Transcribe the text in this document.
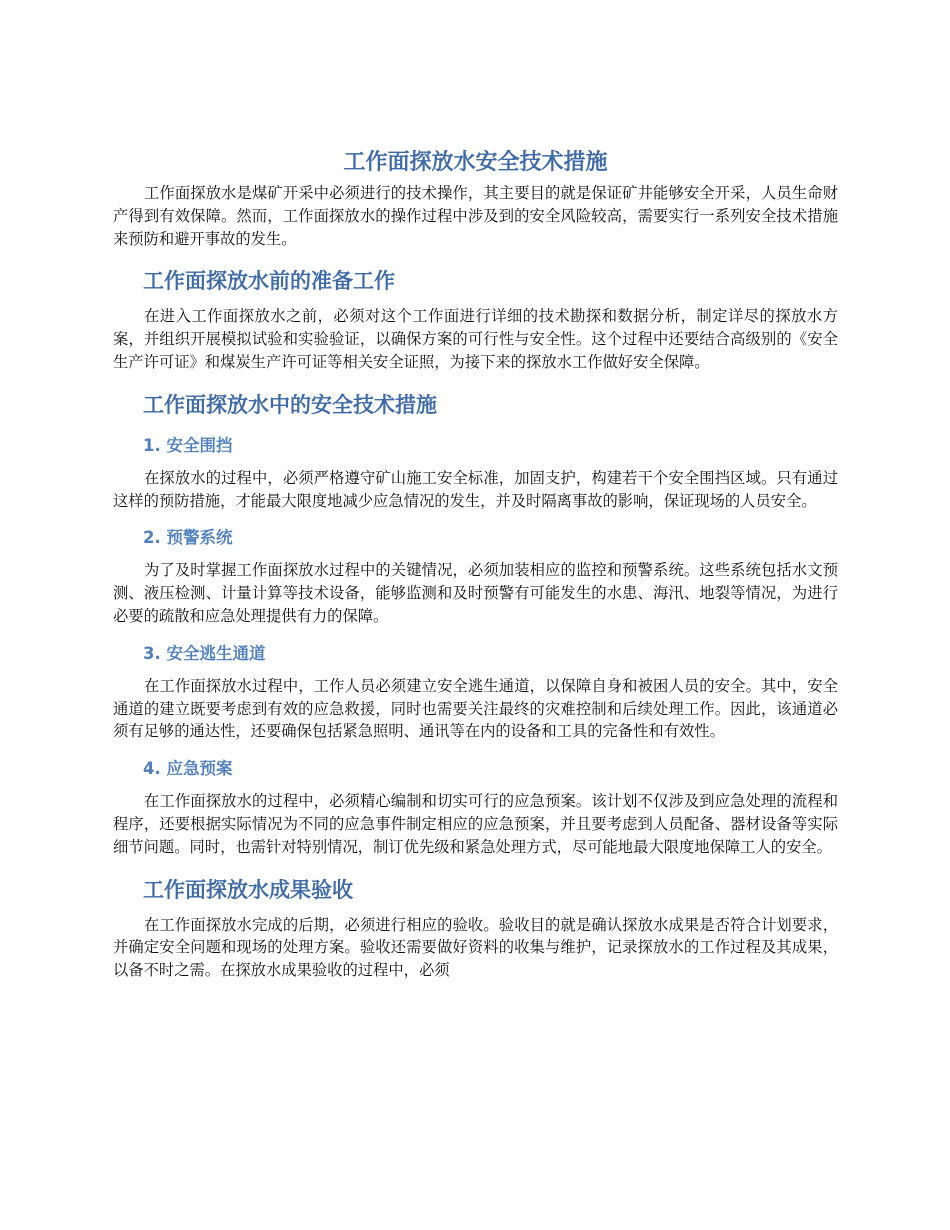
工作面探放水安全技术措施

工作面探放水是煤矿开采中必须进行的技术操作，其主要目的就是保证矿井能够安全开采，人员生命财产得到有效保障。然而，工作面探放水的操作过程中涉及到的安全风险较高，需要实行一系列安全技术措施来预防和避开事故的发生。

工作面探放水前的准备工作

在进入工作面探放水之前，必须对这个工作面进行详细的技术勘探和数据分析，制定详尽的探放水方案，并组织开展模拟试验和实验验证，以确保方案的可行性与安全性。这个过程中还要结合高级别的《安全生产许可证》和煤炭生产许可证等相关安全证照，为接下来的探放水工作做好安全保障。

工作面探放水中的安全技术措施
1. 安全围挡

在探放水的过程中，必须严格遵守矿山施工安全标准，加固支护，构建若干个安全围挡区域。只有通过这样的预防措施，才能最大限度地减少应急情况的发生，并及时隔离事故的影响，保证现场的人员安全。

2. 预警系统

为了及时掌握工作面探放水过程中的关键情况，必须加装相应的监控和预警系统。这些系统包括水文预测、液压检测、计量计算等技术设备，能够监测和及时预警有可能发生的水患、海汛、地裂等情况，为进行必要的疏散和应急处理提供有力的保障。

3. 安全逃生通道

在工作面探放水过程中，工作人员必须建立安全逃生通道，以保障自身和被困人员的安全。其中，安全通道的建立既要考虑到有效的应急救援，同时也需要关注最终的灾难控制和后续处理工作。因此，该通道必须有足够的通达性，还要确保包括紧急照明、通讯等在内的设备和工具的完备性和有效性。

4. 应急预案

在工作面探放水的过程中，必须精心编制和切实可行的应急预案。该计划不仅涉及到应急处理的流程和程序，还要根据实际情况为不同的应急事件制定相应的应急预案，并且要考虑到人员配备、器材设备等实际细节问题。同时，也需针对特别情况，制订优先级和紧急处理方式，尽可能地最大限度地保障工人的安全。

工作面探放水成果验收

在工作面探放水完成的后期，必须进行相应的验收。验收目的就是确认探放水成果是否符合计划要求，并确定安全问题和现场的处理方案。验收还需要做好资料的收集与维护，记录探放水的工作过程及其成果，以备不时之需。在探放水成果验收的过程中，必须
